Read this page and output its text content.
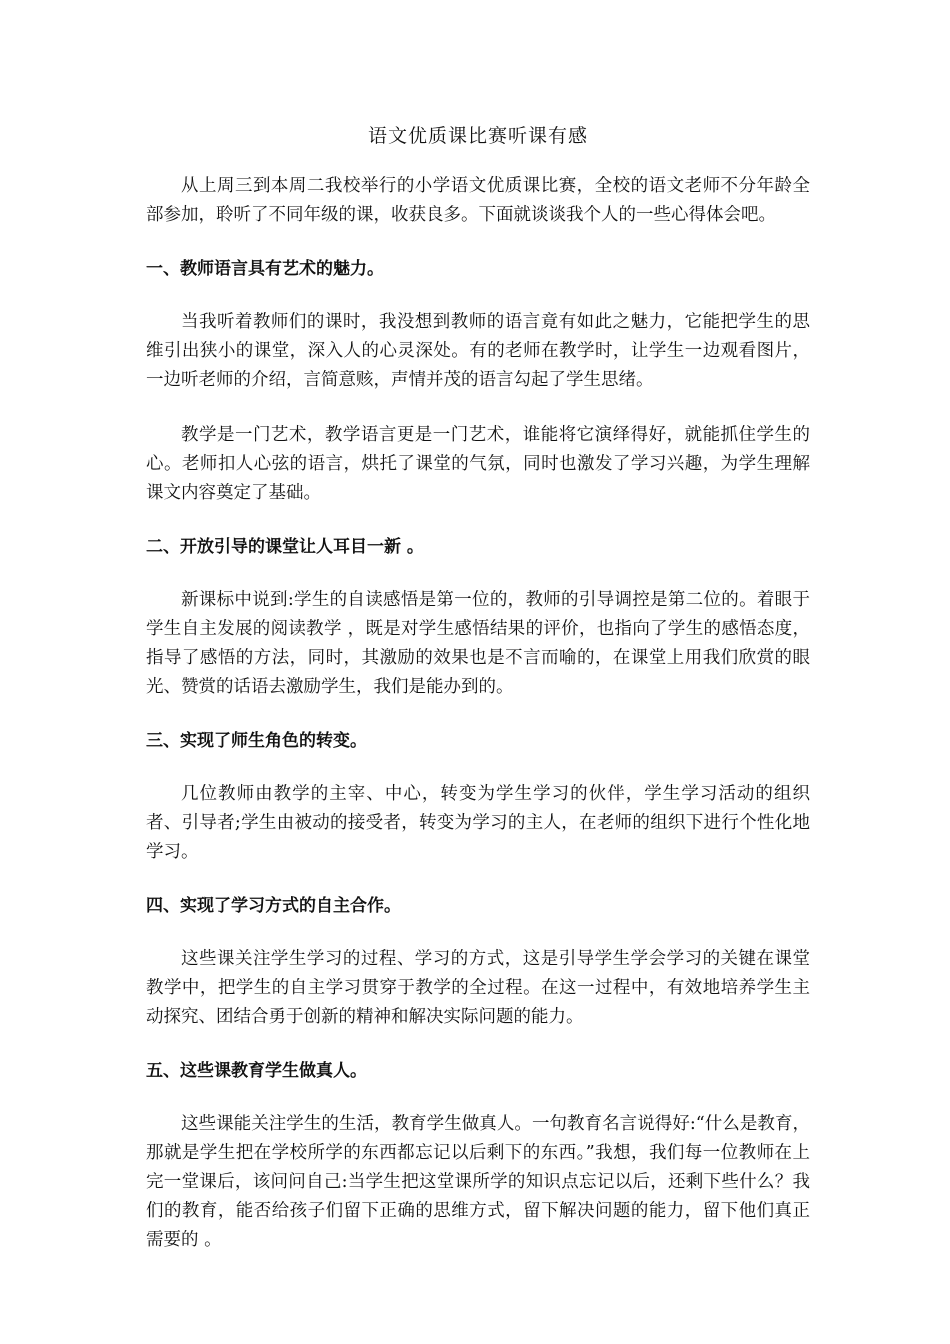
语文优质课比赛听课有感

从上周三到本周二我校举行的小学语文优质课比赛，全校的语文老师不分年龄全部参加，聆听了不同年级的课，收获良多。下面就谈谈我个人的一些心得体会吧。

一、教师语言具有艺术的魅力。

当我听着教师们的课时，我没想到教师的语言竟有如此之魅力，它能把学生的思维引出狭小的课堂，深入人的心灵深处。有的老师在教学时，让学生一边观看图片，一边听老师的介绍，言简意赅，声情并茂的语言勾起了学生思绪。

教学是一门艺术，教学语言更是一门艺术，谁能将它演绎得好，就能抓住学生的心。老师扣人心弦的语言，烘托了课堂的气氛，同时也激发了学习兴趣，为学生理解课文内容奠定了基础。

二、开放引导的课堂让人耳目一新 。

新课标中说到:学生的自读感悟是第一位的，教师的引导调控是第二位的。着眼于学生自主发展的阅读教学 ，既是对学生感悟结果的评价，也指向了学生的感悟态度，指导了感悟的方法，同时，其激励的效果也是不言而喻的，在课堂上用我们欣赏的眼光、赞赏的话语去激励学生，我们是能办到的。

三、实现了师生角色的转变。

几位教师由教学的主宰、中心，转变为学生学习的伙伴，学生学习活动的组织者、引导者;学生由被动的接受者，转变为学习的主人，在老师的组织下进行个性化地学习。

四、实现了学习方式的自主合作。

这些课关注学生学习的过程、学习的方式，这是引导学生学会学习的关键在课堂教学中，把学生的自主学习贯穿于教学的全过程。在这一过程中，有效地培养学生主动探究、团结合勇于创新的精神和解决实际问题的能力。

五、这些课教育学生做真人。

这些课能关注学生的生活，教育学生做真人。一句教育名言说得好:“什么是教育，那就是学生把在学校所学的东西都忘记以后剩下的东西。”我想，我们每一位教师在上完一堂课后，该问问自己:当学生把这堂课所学的知识点忘记以后，还剩下些什么？我们的教育，能否给孩子们留下正确的思维方式，留下解决问题的能力，留下他们真正需要的 。
